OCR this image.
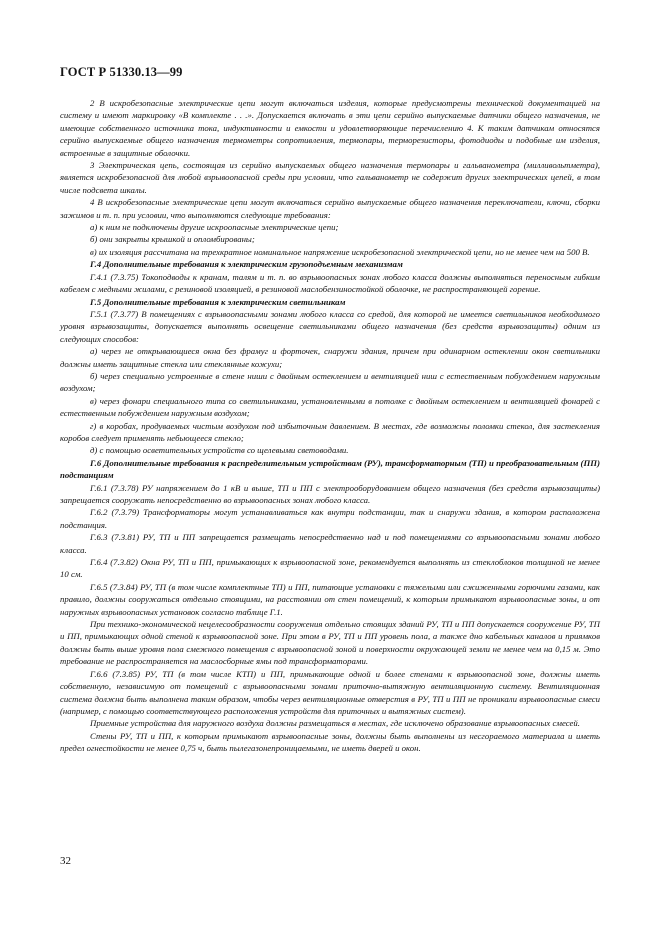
ГОСТ Р 51330.13—99

2 В искробезопасные электрические цепи могут включаться изделия, которые предусмотрены технической документацией на систему и имеют маркировку «В комплекте . . .». Допускается включать в эти цепи серийно выпускаемые датчики общего назначения, не имеющие собственного источника тока, индуктивности и емкости и удовлетворяющие перечислению 4. К таким датчикам относятся серийно выпускаемые общего назначения термометры сопротивления, термопары, терморезисторы, фотодиоды и подобные им изделия, встроенные в защитные оболочки.

3 Электрическая цепь, состоящая из серийно выпускаемых общего назначения термопары и гальванометра (милливольтметра), является искробезопасной для любой взрывоопасной среды при условии, что гальванометр не содержит других электрических цепей, в том числе подсвета шкалы.

4 В искробезопасные электрические цепи могут включаться серийно выпускаемые общего назначения переключатели, ключи, сборки зажимов и т. п. при условии, что выполняются следующие требования:

а) к ним не подключены другие искроопасные электрические цепи;

б) они закрыты крышкой и опломбированы;

в) их изоляция рассчитана на трехкратное номинальное напряжение искробезопасной электрической цепи, но не менее чем на 500 В.

Г.4 Дополнительные требования к электрическим грузоподъемным механизмам

Г.4.1 (7.3.75) Токоподводы к кранам, талям и т. п. во взрывоопасных зонах любого класса должны выполняться переносным гибким кабелем с медными жилами, с резиновой изоляцией, в резиновой маслобензиностойкой оболочке, не распространяющей горение.

Г.5 Дополнительные требования к электрическим светильникам

Г.5.1 (7.3.77) В помещениях с взрывоопасными зонами любого класса со средой, для которой не имеется светильников необходимого уровня взрывозащиты, допускается выполнять освещение светильниками общего назначения (без средств взрывозащиты) одним из следующих способов:

а) через не открывающиеся окна без фрамуг и форточек, снаружи здания, причем при одинарном остеклении окон светильники должны иметь защитные стекла или стеклянные кожухи;

б) через специально устроенные в стене ниши с двойным остеклением и вентиляцией ниш с естественным побуждением наружным воздухом;

в) через фонари специального типа со светильниками, установленными в потолке с двойным остеклением и вентиляцией фонарей с естественным побуждением наружным воздухом;

г) в коробах, продуваемых чистым воздухом под избыточным давлением. В местах, где возможны поломки стекол, для застекления коробов следует применять небьющееся стекло;

д) с помощью осветительных устройств со щелевыми световодами.

Г.6 Дополнительные требования к распределительным устройствам (РУ), трансформаторным (ТП) и преобразовательным (ПП) подстанциям

Г.6.1 (7.3.78) РУ напряжением до 1 кВ и выше, ТП и ПП с электрооборудованием общего назначения (без средств взрывозащиты) запрещается сооружать непосредственно во взрывоопасных зонах любого класса.

Г.6.2 (7.3.79) Трансформаторы могут устанавливаться как внутри подстанции, так и снаружи здания, в котором расположена подстанция.

Г.6.3 (7.3.81) РУ, ТП и ПП запрещается размещать непосредственно над и под помещениями со взрывоопасными зонами любого класса.

Г.6.4 (7.3.82) Окна РУ, ТП и ПП, примыкающих к взрывоопасной зоне, рекомендуется выполнять из стеклоблоков толщиной не менее 10 см.

Г.6.5 (7.3.84) РУ, ТП (в том числе комплектные ТП) и ПП, питающие установки с тяжелыми или сжиженными горючими газами, как правило, должны сооружаться отдельно стоящими, на расстоянии от стен помещений, к которым примыкают взрывоопасные зоны, и от наружных взрывоопасных установок согласно таблице Г.1.

При технико-экономической нецелесообразности сооружения отдельно стоящих зданий РУ, ТП и ПП допускается сооружение РУ, ТП и ПП, примыкающих одной стеной к взрывоопасной зоне. При этом в РУ, ТП и ПП уровень пола, а также дно кабельных каналов и приямков должны быть выше уровня пола смежного помещения с взрывоопасной зоной и поверхности окружающей земли не менее чем на 0,15 м. Это требование не распространяется на маслосборные ямы под трансформаторами.

Г.6.6 (7.3.85) РУ, ТП (в том числе КТП) и ПП, примыкающие одной и более стенами к взрывоопасной зоне, должны иметь собственную, независимую от помещений с взрывоопасными зонами приточно-вытяжную вентиляционную систему. Вентиляционная система должна быть выполнена таким образом, чтобы через вентиляционные отверстия в РУ, ТП и ПП не проникали взрывоопасные смеси (например, с помощью соответствующего расположения устройств для приточных и вытяжных систем).

Приемные устройства для наружного воздуха должны размещаться в местах, где исключено образование взрывоопасных смесей.

Стены РУ, ТП и ПП, к которым примыкают взрывоопасные зоны, должны быть выполнены из несгораемого материала и иметь предел огнестойкости не менее 0,75 ч, быть пылегазонепроницаемыми, не иметь дверей и окон.

32
